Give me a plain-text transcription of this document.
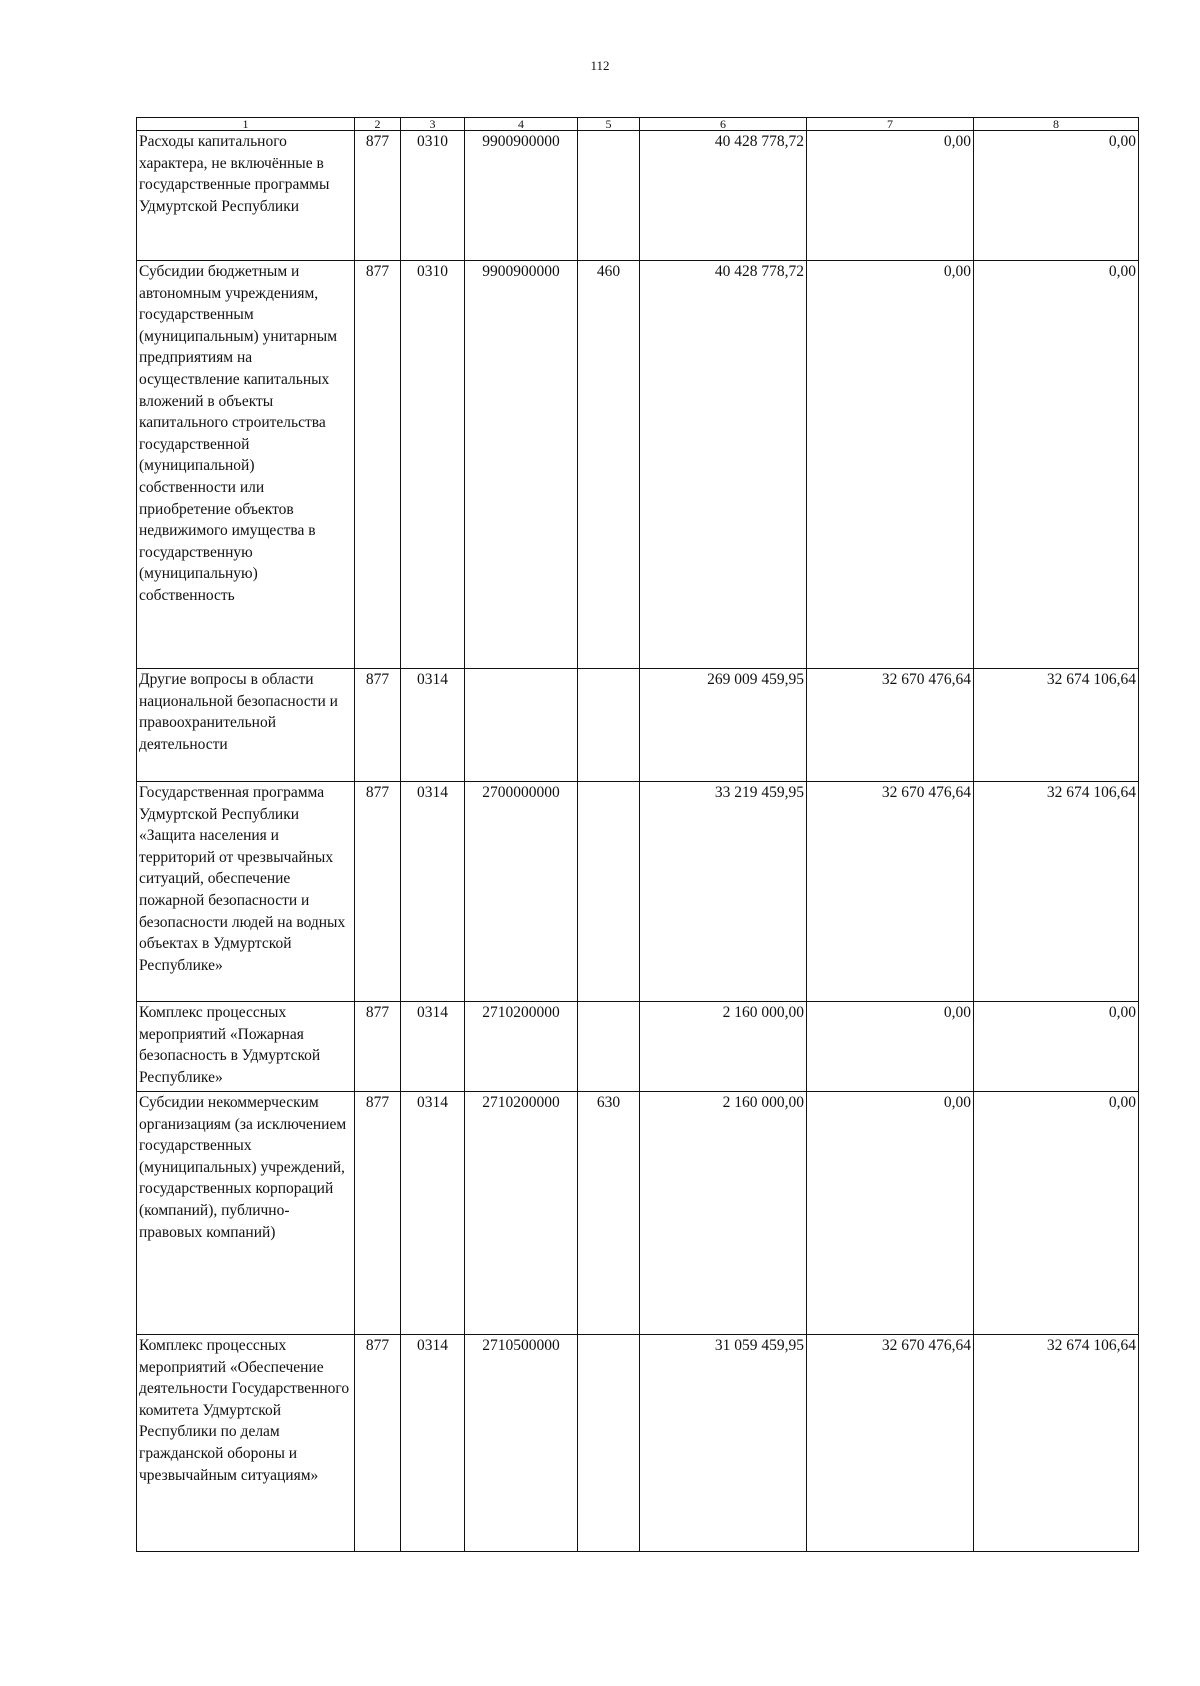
112
1	2	3	4	5	6	7	8
Расходы капитального характера, не включённые в государственные программы Удмуртской Республики	877	0310	9900900000		40 428 778,72	0,00	0,00
Субсидии бюджетным и автономным учреждениям, государственным (муниципальным) унитарным предприятиям на осуществление капитальных вложений в объекты капитального строительства государственной (муниципальной) собственности или приобретение объектов недвижимого имущества в государственную (муниципальную) собственность	877	0310	9900900000	460	40 428 778,72	0,00	0,00
Другие вопросы в области национальной безопасности и правоохранительной деятельности	877	0314			269 009 459,95	32 670 476,64	32 674 106,64
Государственная программа Удмуртской Республики «Защита населения и территорий от чрезвычайных ситуаций, обеспечение пожарной безопасности и безопасности людей на водных объектах в Удмуртской Республике»	877	0314	2700000000		33 219 459,95	32 670 476,64	32 674 106,64
Комплекс процессных мероприятий «Пожарная безопасность в Удмуртской Республике»	877	0314	2710200000		2 160 000,00	0,00	0,00
Субсидии некоммерческим организациям (за исключением государственных (муниципальных) учреждений, государственных корпораций (компаний), публично-правовых компаний)	877	0314	2710200000	630	2 160 000,00	0,00	0,00
Комплекс процессных мероприятий «Обеспечение деятельности Государственного комитета Удмуртской Республики по делам гражданской обороны и чрезвычайным ситуациям»	877	0314	2710500000		31 059 459,95	32 670 476,64	32 674 106,64
